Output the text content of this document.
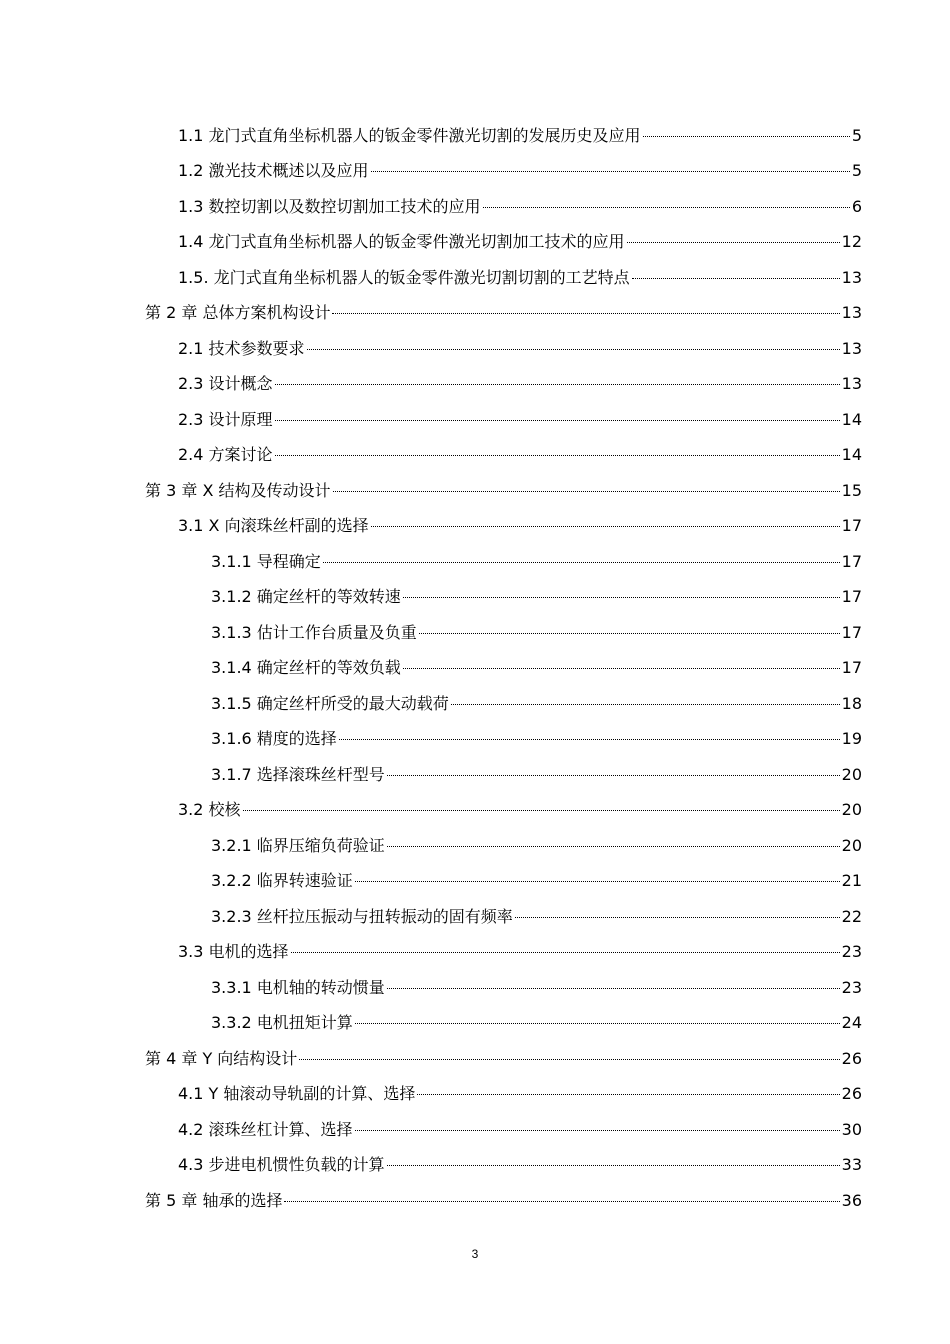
1.1 龙门式直角坐标机器人的钣金零件激光切割的发展历史及应用	5
1.2 激光技术概述以及应用	5
1.3 数控切割以及数控切割加工技术的应用	6
1.4 龙门式直角坐标机器人的钣金零件激光切割加工技术的应用	12
1.5. 龙门式直角坐标机器人的钣金零件激光切割切割的工艺特点	13
第 2 章 总体方案机构设计	13
2.1 技术参数要求	13
2.3 设计概念	13
2.3 设计原理	14
2.4 方案讨论	14
第 3 章 X 结构及传动设计	15
3.1 X 向滚珠丝杆副的选择	17
3.1.1 导程确定	17
3.1.2 确定丝杆的等效转速	17
3.1.3 估计工作台质量及负重	17
3.1.4 确定丝杆的等效负载	17
3.1.5 确定丝杆所受的最大动载荷	18
3.1.6 精度的选择	19
3.1.7 选择滚珠丝杆型号	20
3.2 校核	20
3.2.1 临界压缩负荷验证	20
3.2.2 临界转速验证	21
3.2.3 丝杆拉压振动与扭转振动的固有频率	22
3.3 电机的选择	23
3.3.1 电机轴的转动惯量	23
3.3.2 电机扭矩计算	24
第 4 章 Y 向结构设计	26
4.1 Y 轴滚动导轨副的计算、选择	26
4.2 滚珠丝杠计算、选择	30
4.3 步进电机惯性负载的计算	33
第 5 章 轴承的选择	36
3
